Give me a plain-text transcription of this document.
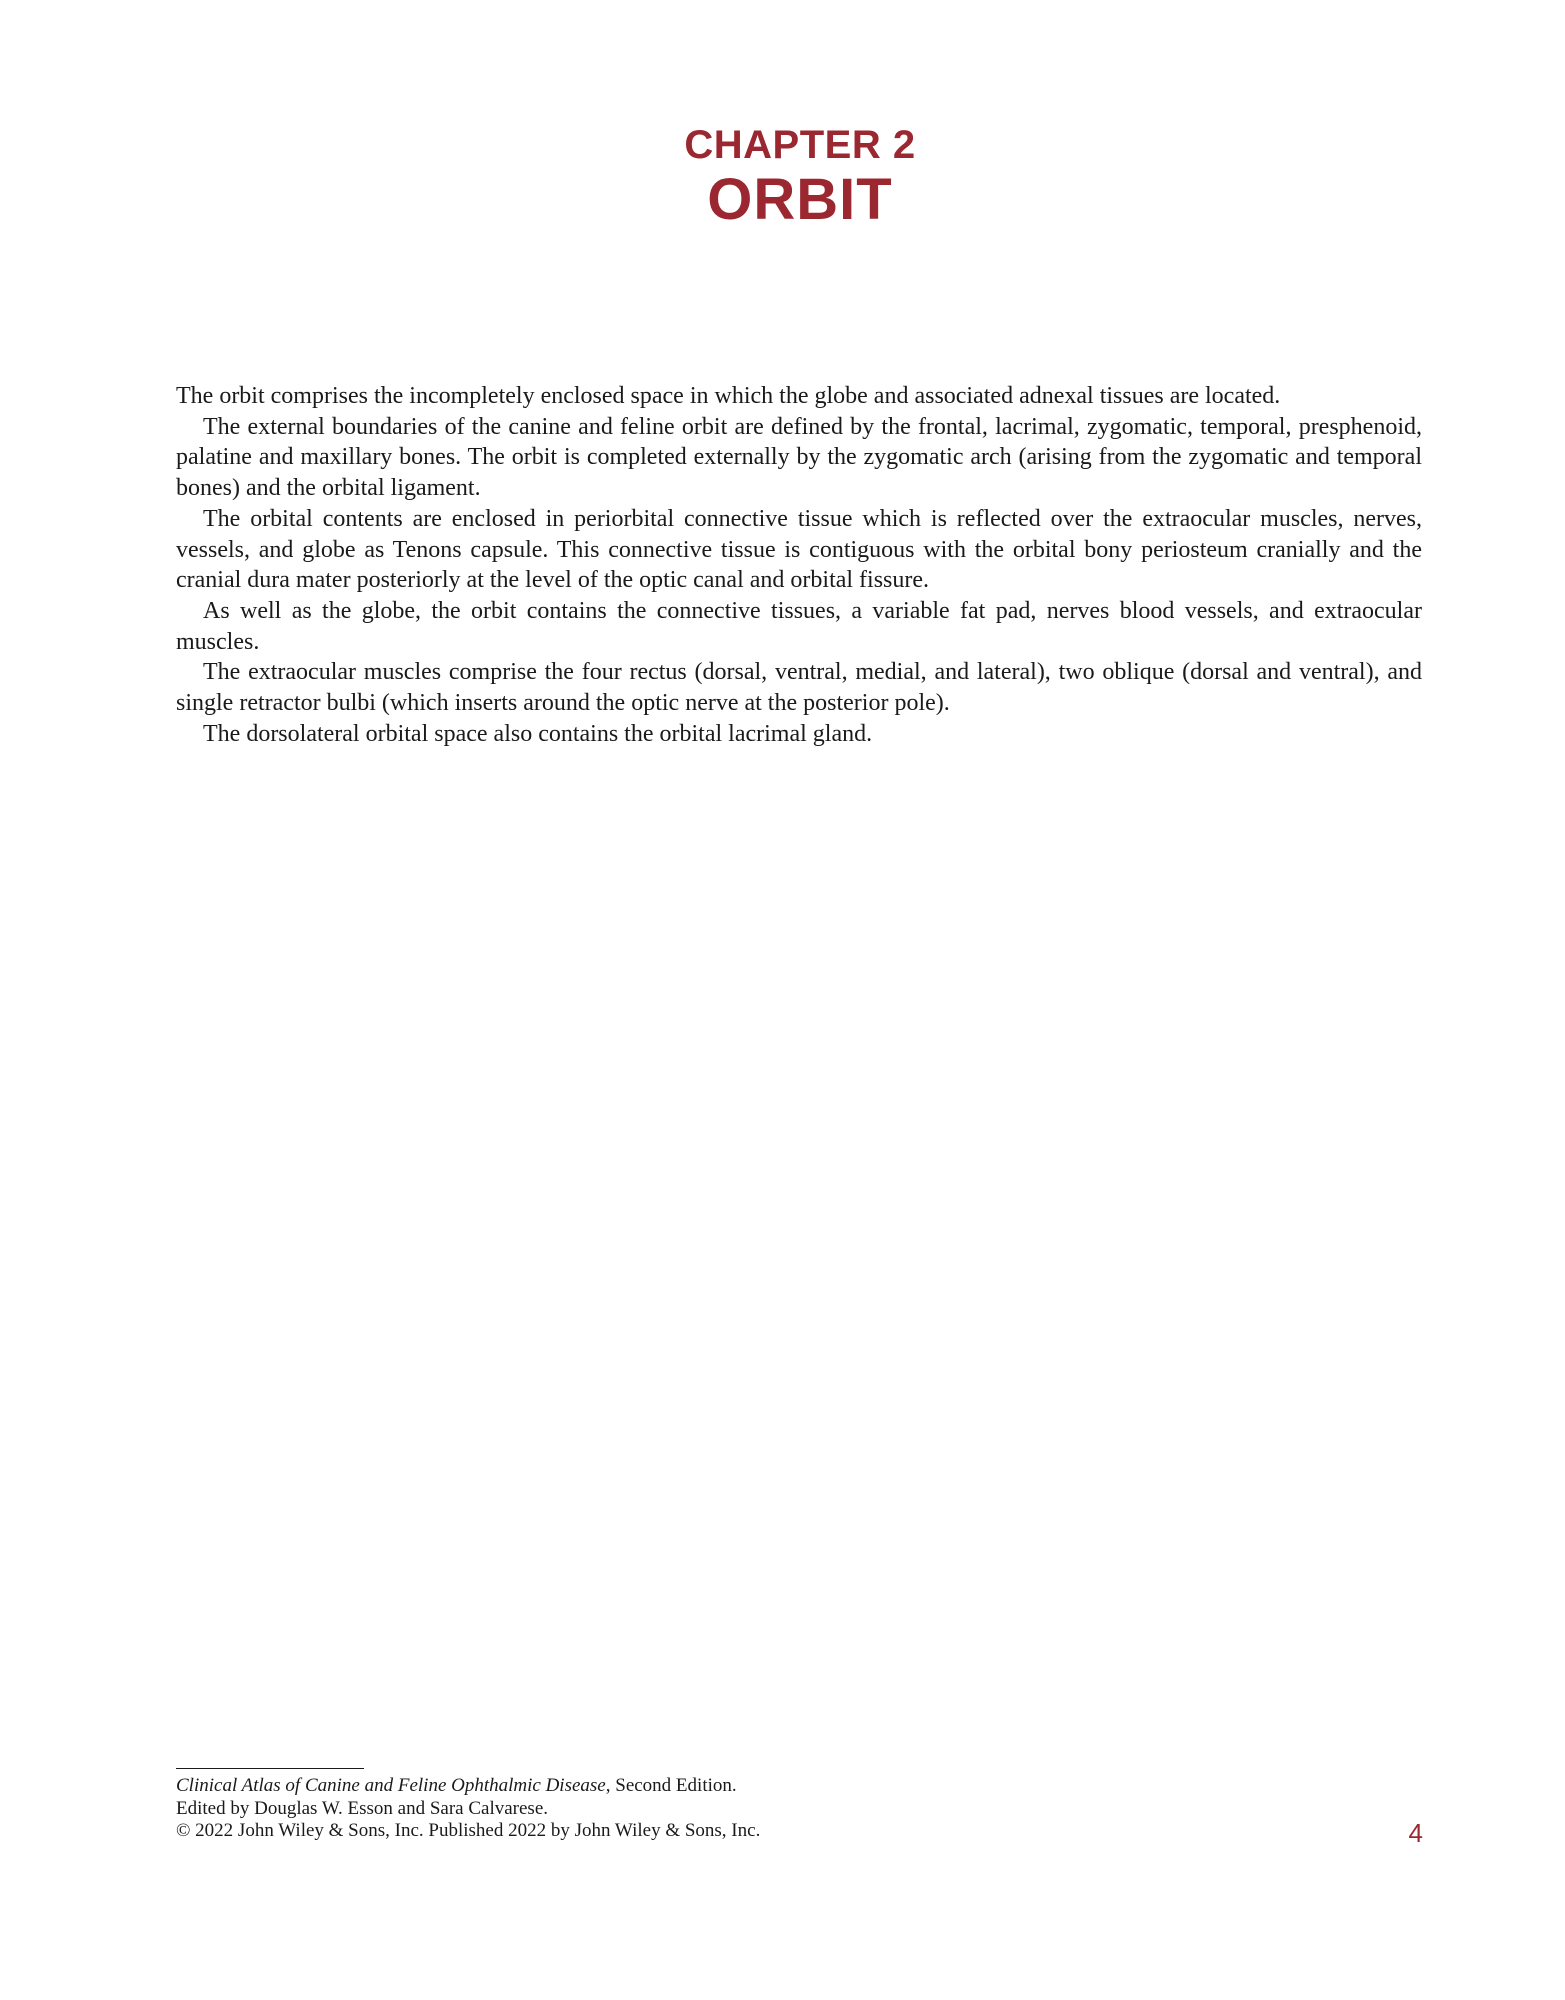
CHAPTER 2
ORBIT

The orbit comprises the incompletely enclosed space in which the globe and associated adnexal tissues are located.

The external boundaries of the canine and feline orbit are defined by the frontal, lacrimal, zygomatic, temporal, presphenoid, palatine and maxillary bones. The orbit is completed externally by the zygomatic arch (arising from the zygomatic and temporal bones) and the orbital ligament.

The orbital contents are enclosed in periorbital connective tissue which is reflected over the extraocular muscles, nerves, vessels, and globe as Tenons capsule. This connective tissue is contiguous with the orbital bony periosteum cranially and the cranial dura mater posteriorly at the level of the optic canal and orbital fissure.

As well as the globe, the orbit contains the connective tissues, a variable fat pad, nerves blood vessels, and extraocular muscles.

The extraocular muscles comprise the four rectus (dorsal, ventral, medial, and lateral), two oblique (dorsal and ventral), and single retractor bulbi (which inserts around the optic nerve at the posterior pole).

The dorsolateral orbital space also contains the orbital lacrimal gland.

Clinical Atlas of Canine and Feline Ophthalmic Disease, Second Edition.
Edited by Douglas W. Esson and Sara Calvarese.
© 2022 John Wiley & Sons, Inc. Published 2022 by John Wiley & Sons, Inc.	4
